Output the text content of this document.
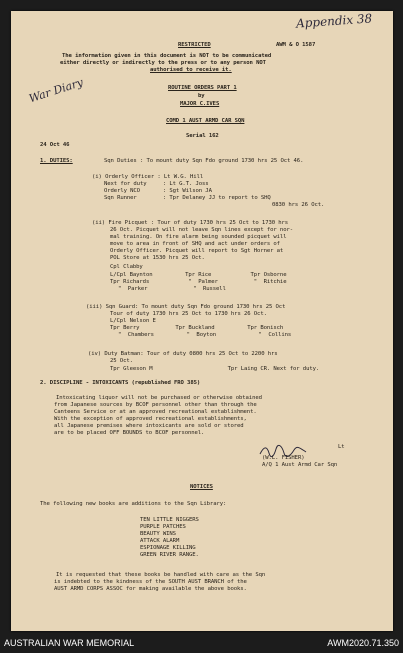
Appendix 38
War Diary
RESTRICTED	AWM & O 1587
The information given in this document is NOT to be communicated
either directly or indirectly to the press or to any person NOT
authorised to receive it.
ROUTINE ORDERS PART 1
by
MAJOR C.IVES
COMD 1 AUST ARMD CAR SQN
Serial 162
24 Oct 46
1. DUTIES:	Sqn Duties : To mount duty Sqn Fdo ground 1730 hrs 25 Oct 46.
(i) Orderly Officer : Lt W.G. Hill
Next for duty     : Lt G.T. Joss
Orderly NCO       : Sgt Wilson JA
Sqn Runner        : Tpr Delaney JJ to report to SHQ
0830 hrs 26 Oct.
(ii) Fire Picquet : Tour of duty 1730 hrs 25 Oct to 1730 hrs
26 Oct. Picquet will not leave Sqn lines except for nor-
mal training. On fire alarm being sounded picquet will
move to area in front of SHQ and act under orders of
Orderly Officer. Picquet will report to Sgt Horner at
POL Store at 1530 hrs 25 Oct.
Cpl Clabby
L/Cpl Baynton          Tpr Rice            Tpr Osborne
Tpr Richards            "  Palmer           "  Ritchie
"  Parker              "  Russell
(iii) Sqn Guard: To mount duty Sqn Fdo ground 1730 hrs 25 Oct
Tour of duty 1730 hrs 25 Oct to 1730 hrs 26 Oct.
L/Cpl Nelson E
Tpr Berry           Tpr Buckland          Tpr Bonisch
"  Chambers          "  Boyton             "  Collins
(iv) Duty Batman: Tour of duty 0800 hrs 25 Oct to 2200 hrs
25 Oct.
Tpr Gleeson M                       Tpr Laing CR. Next for duty.
2. DISCIPLINE - INTOXICANTS (republished FRO 385)
Intoxicating liquor will not be purchased or otherwise obtained
from Japanese sources by BCOF personnel other than through the
Canteens Service or at an approved recreational establishment.
With the exception of approved recreational establishments,
all Japanese premises where intoxicants are sold or stored
are to be placed OFF BOUNDS to BCOF personnel.
Lt
(W.L. FISHER)
A/Q 1 Aust Armd Car Sqn
NOTICES
The following new books are additions to the Sqn Library:
TEN LITTLE NIGGERS
PURPLE PATCHES
BEAUTY WINS
ATTACK ALARM
ESPIONAGE KILLING
GREEN RIVER RANGE.
It is requested that these books be handled with care as the Sqn
is indebted to the kindness of the SOUTH AUST BRANCH of the
AUST ARMD CORPS ASSOC for making available the above books.
AUSTRALIAN WAR MEMORIAL	AWM2020.71.350
